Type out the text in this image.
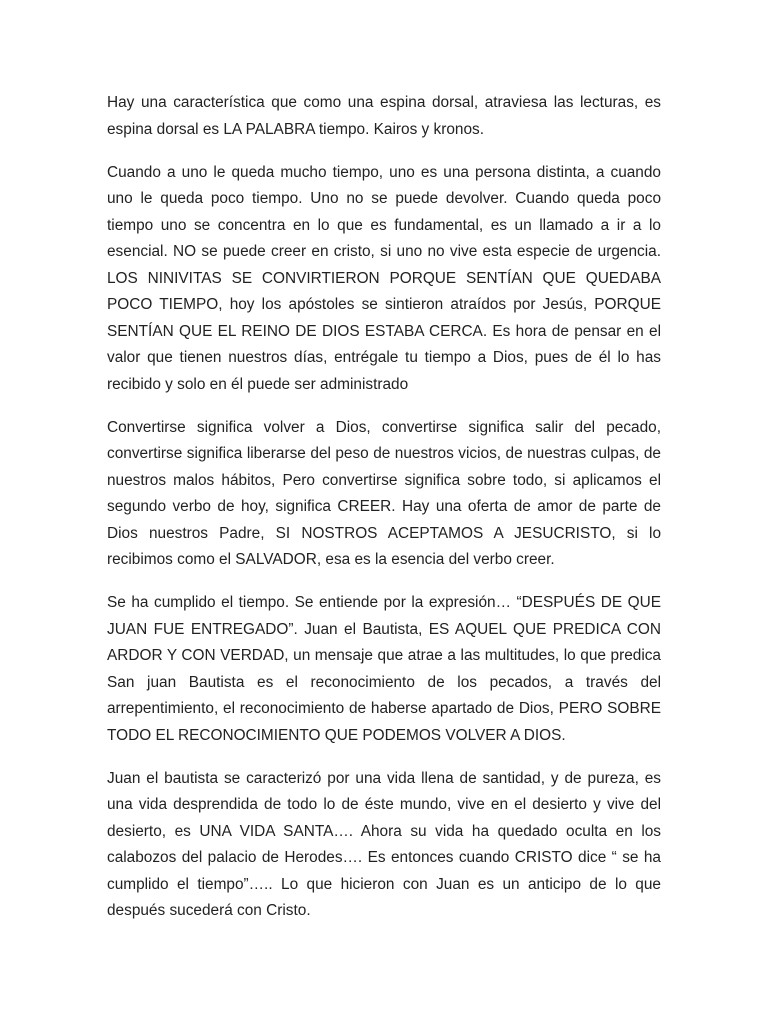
Hay una característica que como una espina dorsal, atraviesa las lecturas, es espina dorsal es LA PALABRA tiempo. Kairos y kronos.

Cuando a uno le queda mucho tiempo, uno es una persona distinta, a cuando uno le queda poco tiempo. Uno no se puede devolver. Cuando queda poco tiempo uno se concentra en lo que es fundamental, es un llamado a ir a lo esencial. NO se puede creer en cristo, si uno no vive esta especie de urgencia. LOS NINIVITAS SE CONVIRTIERON PORQUE SENTÍAN QUE QUEDABA POCO TIEMPO, hoy los apóstoles se sintieron atraídos por Jesús, PORQUE SENTÍAN QUE EL REINO DE DIOS ESTABA CERCA. Es hora de pensar en el valor que tienen nuestros días, entrégale tu tiempo a Dios, pues de él lo has recibido y solo en él puede ser administrado

Convertirse significa volver a Dios, convertirse significa salir del pecado, convertirse significa liberarse del peso de nuestros vicios, de nuestras culpas, de nuestros malos hábitos, Pero convertirse significa sobre todo, si aplicamos el segundo verbo de hoy, significa CREER. Hay una oferta de amor de parte de Dios nuestros Padre, SI NOSTROS ACEPTAMOS A JESUCRISTO, si lo recibimos como el SALVADOR, esa es la esencia del verbo creer.

Se ha cumplido el tiempo. Se entiende por la expresión… “DESPUÉS DE QUE JUAN FUE ENTREGADO”. Juan el Bautista, ES AQUEL QUE PREDICA CON ARDOR Y CON VERDAD, un mensaje que atrae a las multitudes, lo que predica San juan Bautista es el reconocimiento de los pecados, a través del arrepentimiento, el reconocimiento de haberse apartado de Dios, PERO SOBRE TODO EL RECONOCIMIENTO QUE PODEMOS VOLVER A DIOS.

Juan el bautista se caracterizó por una vida llena de santidad, y de pureza, es una vida desprendida de todo lo de éste mundo, vive en el desierto y vive del desierto, es UNA VIDA SANTA…. Ahora su vida ha quedado oculta en los calabozos del palacio de Herodes…. Es entonces cuando CRISTO dice “ se ha cumplido el tiempo”….. Lo que hicieron con Juan es un anticipo de lo que después sucederá con Cristo.
